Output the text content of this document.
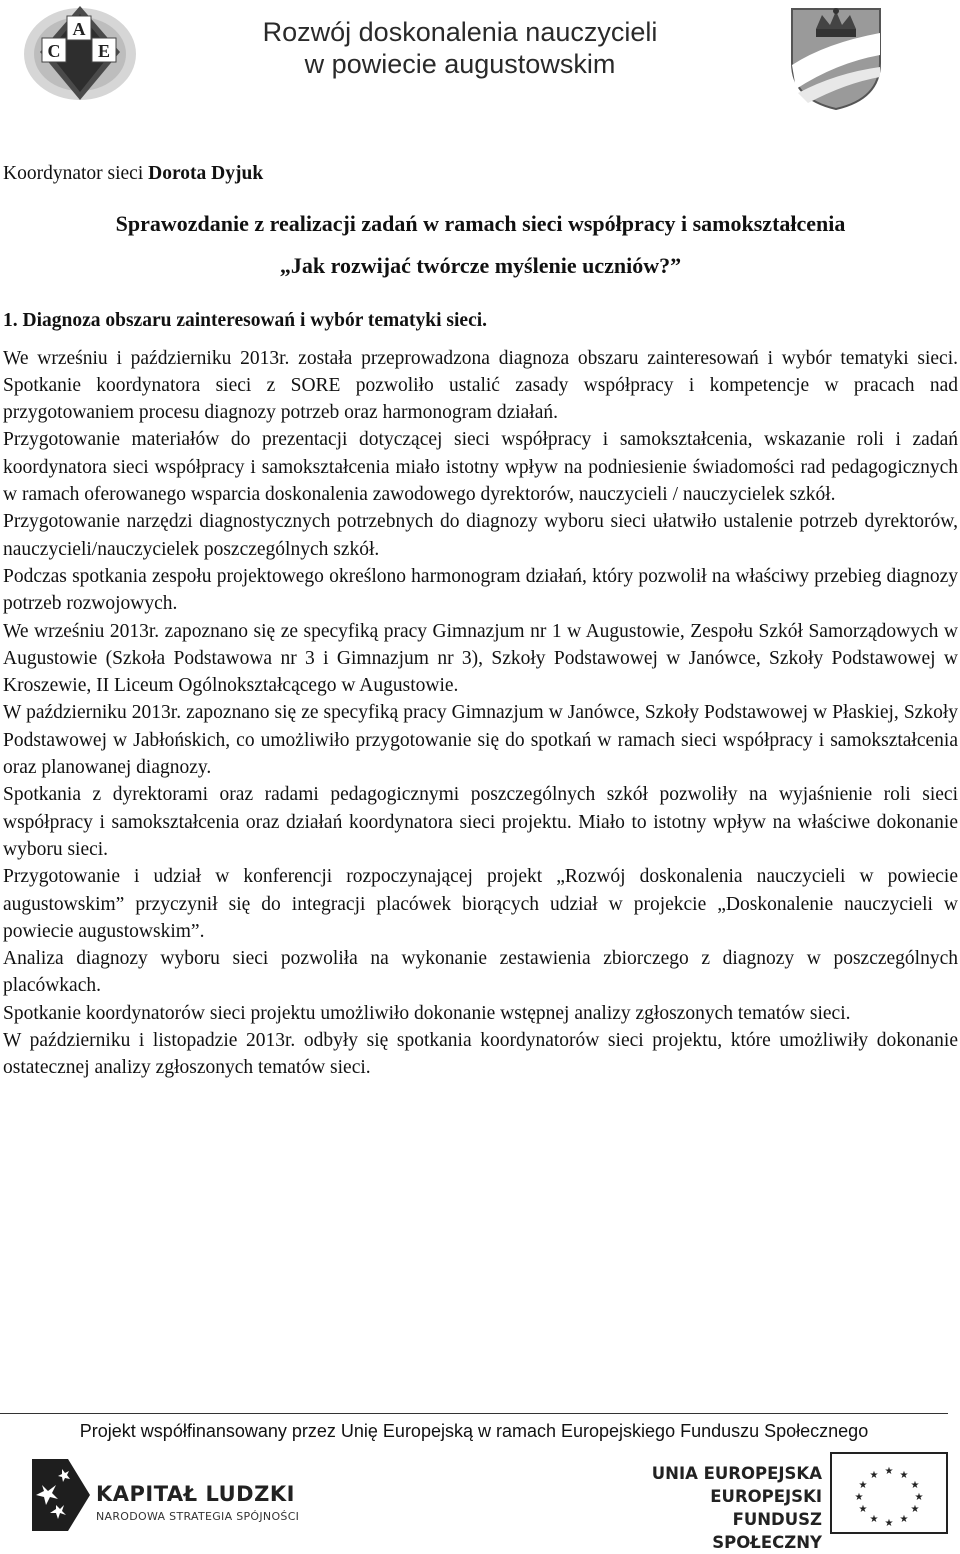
A
C E
Rozwój doskonalenia nauczycieli
w powiecie augustowskim

Koordynator sieci Dorota Dyjuk

Sprawozdanie z realizacji zadań w ramach sieci współpracy i samokształcenia

„Jak rozwijać twórcze myślenie uczniów?”

1. Diagnoza obszaru zainteresowań i wybór tematyki sieci.

We wrześniu i październiku 2013r. została przeprowadzona diagnoza obszaru zainteresowań i wybór tematyki sieci. Spotkanie koordynatora sieci z SORE pozwoliło ustalić zasady współpracy i kompetencje w pracach nad przygotowaniem procesu diagnozy potrzeb oraz harmonogram działań.

Przygotowanie materiałów do prezentacji dotyczącej sieci współpracy i samokształcenia, wskazanie roli i zadań koordynatora sieci współpracy i samokształcenia miało istotny wpływ na podniesienie świadomości rad pedagogicznych w ramach oferowanego wsparcia doskonalenia zawodowego dyrektorów, nauczycieli / nauczycielek szkół.

Przygotowanie narzędzi diagnostycznych potrzebnych do diagnozy wyboru sieci ułatwiło ustalenie potrzeb dyrektorów, nauczycieli/nauczycielek poszczególnych szkół.

Podczas spotkania zespołu projektowego określono harmonogram działań, który pozwolił na właściwy przebieg diagnozy potrzeb rozwojowych.

We wrześniu 2013r. zapoznano się ze specyfiką pracy Gimnazjum nr 1 w Augustowie, Zespołu Szkół Samorządowych w Augustowie (Szkoła Podstawowa nr 3 i Gimnazjum nr 3), Szkoły Podstawowej w Janówce, Szkoły Podstawowej w Kroszewie, II Liceum Ogólnokształcącego w Augustowie.

W październiku 2013r. zapoznano się ze specyfiką pracy Gimnazjum w Janówce, Szkoły Podstawowej w Płaskiej, Szkoły Podstawowej w Jabłońskich, co umożliwiło przygotowanie się do spotkań w ramach sieci współpracy i samokształcenia oraz planowanej diagnozy.

Spotkania z dyrektorami oraz radami pedagogicznymi poszczególnych szkół pozwoliły na wyjaśnienie roli sieci współpracy i samokształcenia oraz działań koordynatora sieci projektu. Miało to istotny wpływ na właściwe dokonanie wyboru sieci.

Przygotowanie i udział w konferencji rozpoczynającej projekt „Rozwój doskonalenia nauczycieli w powiecie augustowskim” przyczynił się do integracji placówek biorących udział w projekcie „Doskonalenie nauczycieli w powiecie augustowskim”.

Analiza diagnozy wyboru sieci pozwoliła na wykonanie zestawienia zbiorczego z diagnozy w poszczególnych placówkach.

Spotkanie koordynatorów sieci projektu umożliwiło dokonanie wstępnej analizy zgłoszonych tematów sieci.

W październiku i listopadzie 2013r. odbyły się spotkania koordynatorów sieci projektu, które umożliwiły dokonanie ostatecznej analizy zgłoszonych tematów sieci.

Projekt współfinansowany przez Unię Europejską w ramach Europejskiego Funduszu Społecznego
KAPITAŁ LUDZKI
NARODOWA STRATEGIA SPÓJNOŚCI
UNIA EUROPEJSKA
EUROPEJSKI
FUNDUSZ SPOŁECZNY
★ ★
★
★
★
★
★
★
★
★
★
★
